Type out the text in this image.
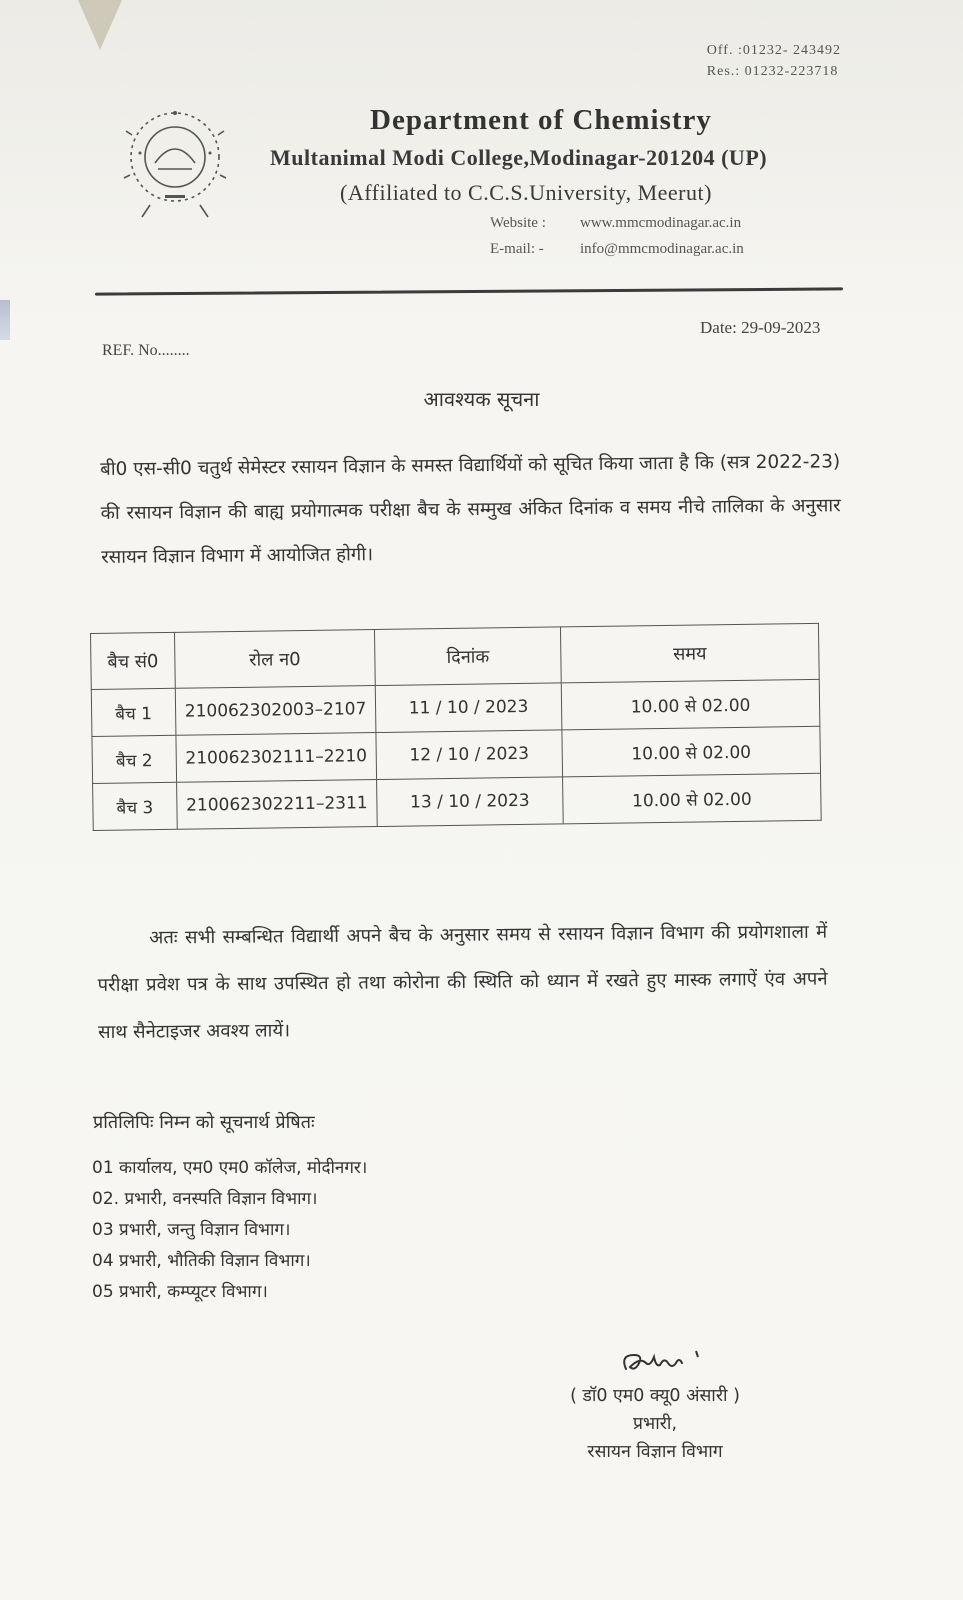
Off. :01232- 243492
Res.: 01232-223718
Department of Chemistry
Multanimal Modi College,Modinagar-201204 (UP)
(Affiliated to C.C.S.University, Meerut)
Website :	www.mmcmodinagar.ac.in
E-mail: -	info@mmcmodinagar.ac.in
Date: 29-09-2023
REF. No........
आवश्यक सूचना

बी0 एस-सी0 चतुर्थ सेमेस्टर रसायन विज्ञान के समस्त विद्यार्थियों को सूचित किया जाता है कि (सत्र 2022-23) की रसायन विज्ञान की बाह्य प्रयोगात्मक परीक्षा बैच के सम्मुख अंकित दिनांक व समय नीचे तालिका के अनुसार रसायन विज्ञान विभाग में आयोजित होगी।

बैच सं0	रोल न0	दिनांक	समय
बैच 1	210062302003–2107	11 / 10 / 2023	10.00 से 02.00
बैच 2	210062302111–2210	12 / 10 / 2023	10.00 से 02.00
बैच 3	210062302211–2311	13 / 10 / 2023	10.00 से 02.00

अतः सभी सम्बन्धित विद्यार्थी अपने बैच के अनुसार समय से रसायन विज्ञान विभाग की प्रयोगशाला में परीक्षा प्रवेश पत्र के साथ उपस्थित हो तथा कोरोना की स्थिति को ध्यान में रखते हुए मास्क लगाऐं एंव अपने साथ सैनेटाइजर अवश्य लायें।

प्रतिलिपिः निम्न को सूचनार्थ प्रेषितः
01 कार्यालय, एम0 एम0 कॉलेज, मोदीनगर।
02. प्रभारी, वनस्पति विज्ञान विभाग।
03 प्रभारी, जन्तु विज्ञान विभाग।
04 प्रभारी, भौतिकी विज्ञान विभाग।
05 प्रभारी, कम्प्यूटर विभाग।
( डॉ0 एम0 क्यू0 अंसारी )
प्रभारी,
रसायन विज्ञान विभाग
